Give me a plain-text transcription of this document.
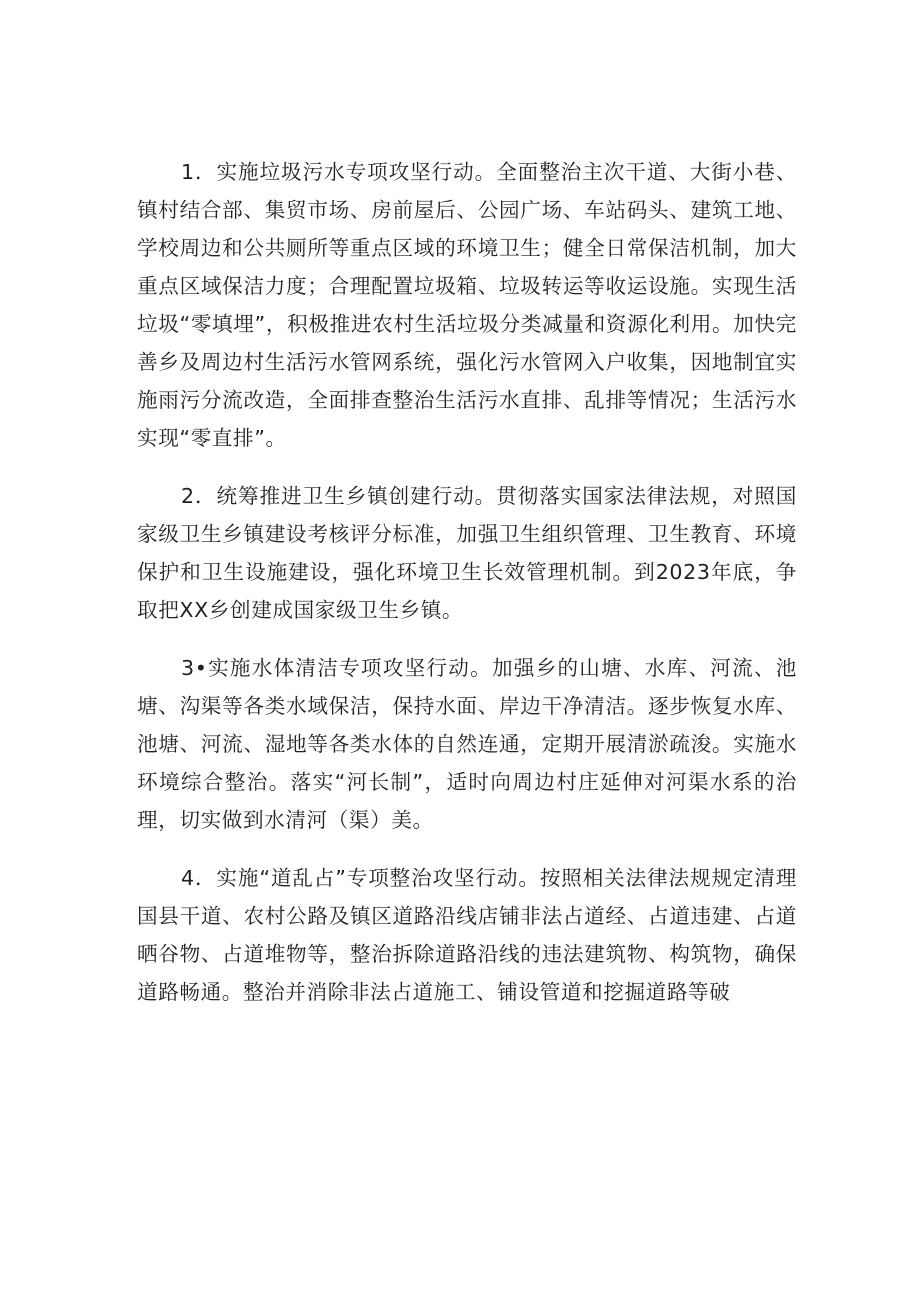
1．实施垃圾污水专项攻坚行动。全面整治主次干道、大街小巷、镇村结合部、集贸市场、房前屋后、公园广场、车站码头、建筑工地、学校周边和公共厕所等重点区域的环境卫生；健全日常保洁机制，加大重点区域保洁力度；合理配置垃圾箱、垃圾转运等收运设施。实现生活垃圾“零填埋”，积极推进农村生活垃圾分类减量和资源化利用。加快完善乡及周边村生活污水管网系统，强化污水管网入户收集，因地制宜实施雨污分流改造，全面排查整治生活污水直排、乱排等情况；生活污水实现“零直排”。

2．统筹推进卫生乡镇创建行动。贯彻落实国家法律法规，对照国家级卫生乡镇建设考核评分标准，加强卫生组织管理、卫生教育、环境保护和卫生设施建设，强化环境卫生长效管理机制。到2023年底，争取把XX乡创建成国家级卫生乡镇。

3•实施水体清洁专项攻坚行动。加强乡的山塘、水库、河流、池塘、沟渠等各类水域保洁，保持水面、岸边干净清洁。逐步恢复水库、池塘、河流、湿地等各类水体的自然连通，定期开展清淤疏浚。实施水环境综合整治。落实“河长制”，适时向周边村庄延伸对河渠水系的治理，切实做到水清河（渠）美。

4．实施“道乱占”专项整治攻坚行动。按照相关法律法规规定清理国县干道、农村公路及镇区道路沿线店铺非法占道经、占道违建、占道晒谷物、占道堆物等，整治拆除道路沿线的违法建筑物、构筑物，确保道路畅通。整治并消除非法占道施工、铺设管道和挖掘道路等破
